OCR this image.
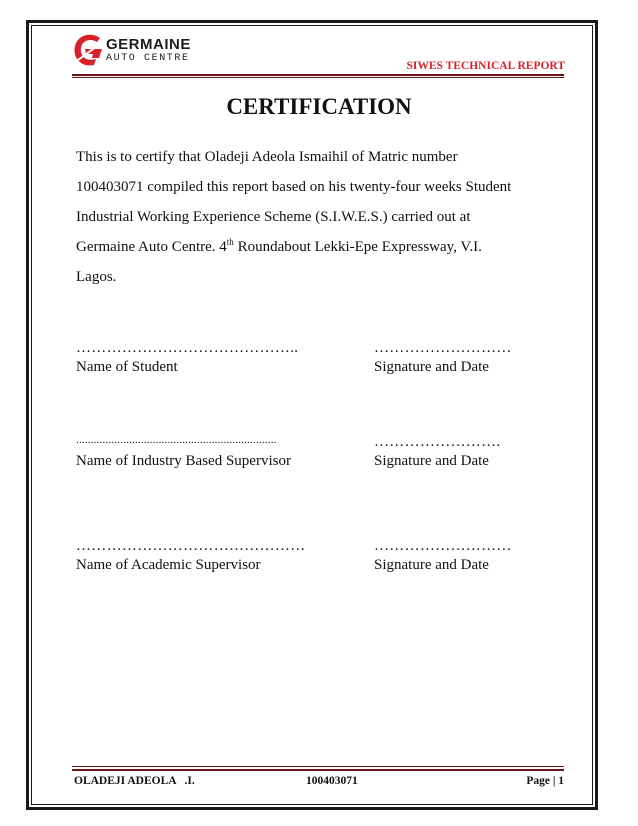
GERMAINE
AUTO CENTRE
SIWES TECHNICAL REPORT
CERTIFICATION
This is to certify that Oladeji Adeola Ismaihil of Matric number
100403071 compiled this report based on his twenty-four weeks Student
Industrial Working Experience Scheme (S.I.W.E.S.) carried out at
Germaine Auto Centre. 4th Roundabout Lekki-Epe Expressway, V.I.
Lagos.
……………………………………..
Name of Student
………………………
Signature and Date
....................................................................
Name of Industry Based Supervisor
…………………….
Signature and Date
………………………………………
Name of Academic Supervisor
………………………
Signature and Date
OLADEJI ADEOLA   .I.	100403071	Page | 1
